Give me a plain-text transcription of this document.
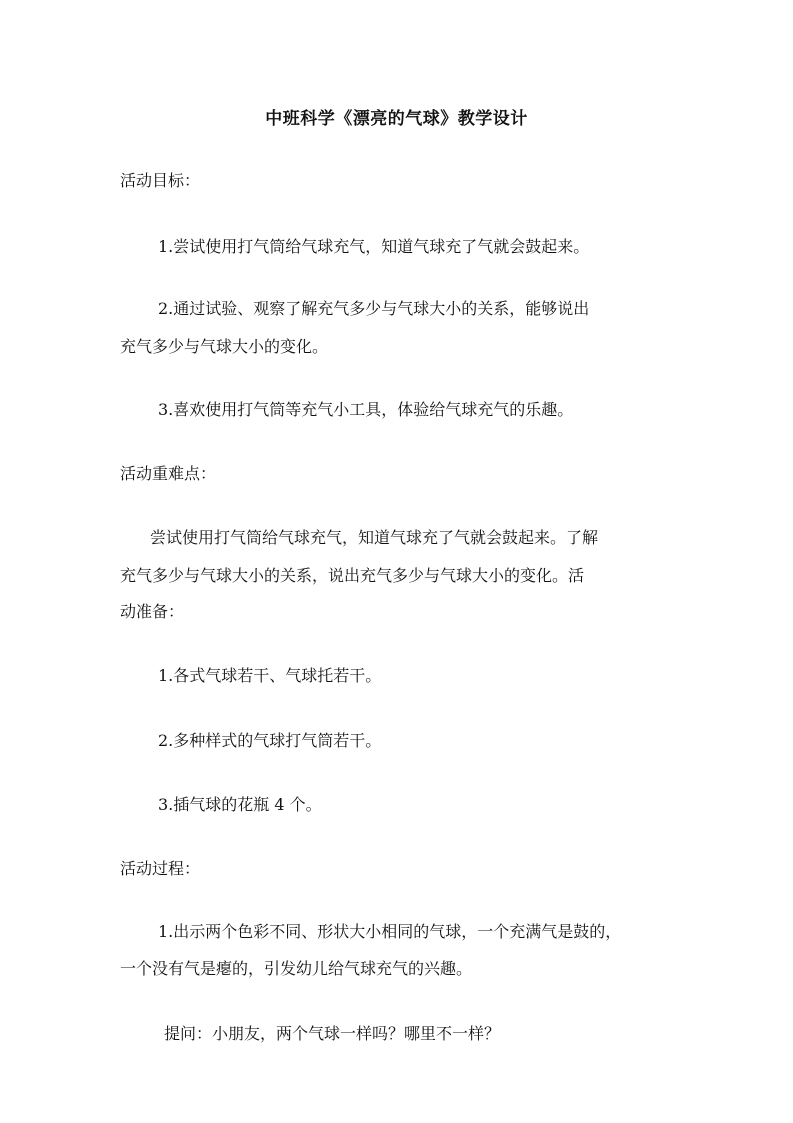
中班科学《漂亮的气球》教学设计
活动目标：
1.尝试使用打气筒给气球充气，知道气球充了气就会鼓起来。
2.通过试验、观察了解充气多少与气球大小的关系，能够说出
充气多少与气球大小的变化。
3.喜欢使用打气筒等充气小工具，体验给气球充气的乐趣。
活动重难点：
尝试使用打气筒给气球充气，知道气球充了气就会鼓起来。了解
充气多少与气球大小的关系，说出充气多少与气球大小的变化。活
动准备：
1.各式气球若干、气球托若干。
2.多种样式的气球打气筒若干。
3.插气球的花瓶 4 个。
活动过程：
1.出示两个色彩不同、形状大小相同的气球，一个充满气是鼓的，
一个没有气是瘪的，引发幼儿给气球充气的兴趣。
提问：小朋友，两个气球一样吗？哪里不一样？
